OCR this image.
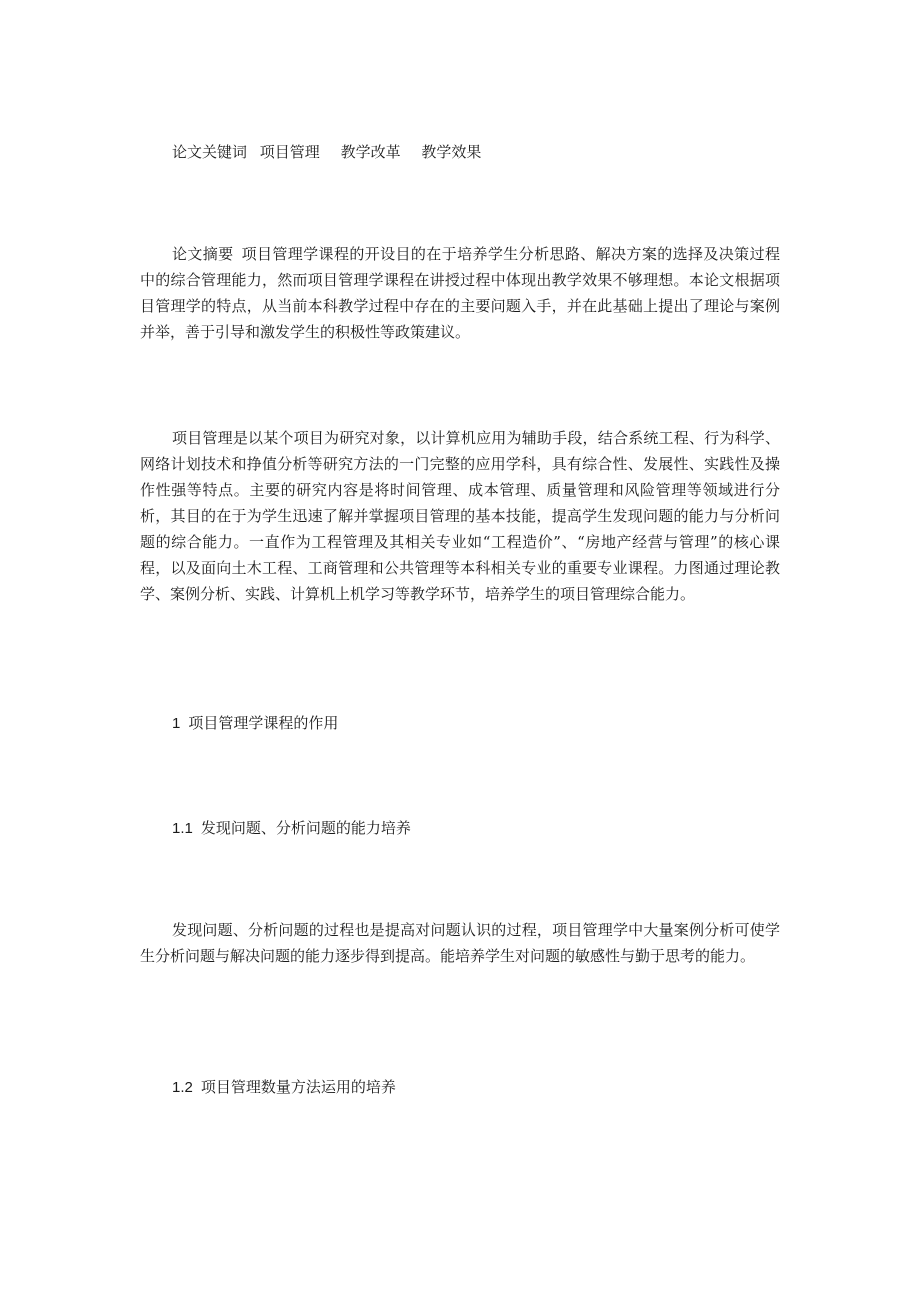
论文关键词 项目管理 教学改革 教学效果

论文摘要 项目管理学课程的开设目的在于培养学生分析思路、解决方案的选择及决策过程中的综合管理能力，然而项目管理学课程在讲授过程中体现出教学效果不够理想。本论文根据项目管理学的特点，从当前本科教学过程中存在的主要问题入手，并在此基础上提出了理论与案例并举，善于引导和激发学生的积极性等政策建议。

项目管理是以某个项目为研究对象，以计算机应用为辅助手段，结合系统工程、行为科学、网络计划技术和挣值分析等研究方法的一门完整的应用学科，具有综合性、发展性、实践性及操作性强等特点。主要的研究内容是将时间管理、成本管理、质量管理和风险管理等领域进行分析，其目的在于为学生迅速了解并掌握项目管理的基本技能，提高学生发现问题的能力与分析问题的综合能力。一直作为工程管理及其相关专业如“工程造价”、“房地产经营与管理”的核心课程，以及面向土木工程、工商管理和公共管理等本科相关专业的重要专业课程。力图通过理论教学、案例分析、实践、计算机上机学习等教学环节，培养学生的项目管理综合能力。

1 项目管理学课程的作用

1.1 发现问题、分析问题的能力培养

发现问题、分析问题的过程也是提高对问题认识的过程，项目管理学中大量案例分析可使学生分析问题与解决问题的能力逐步得到提高。能培养学生对问题的敏感性与勤于思考的能力。

1.2 项目管理数量方法运用的培养
